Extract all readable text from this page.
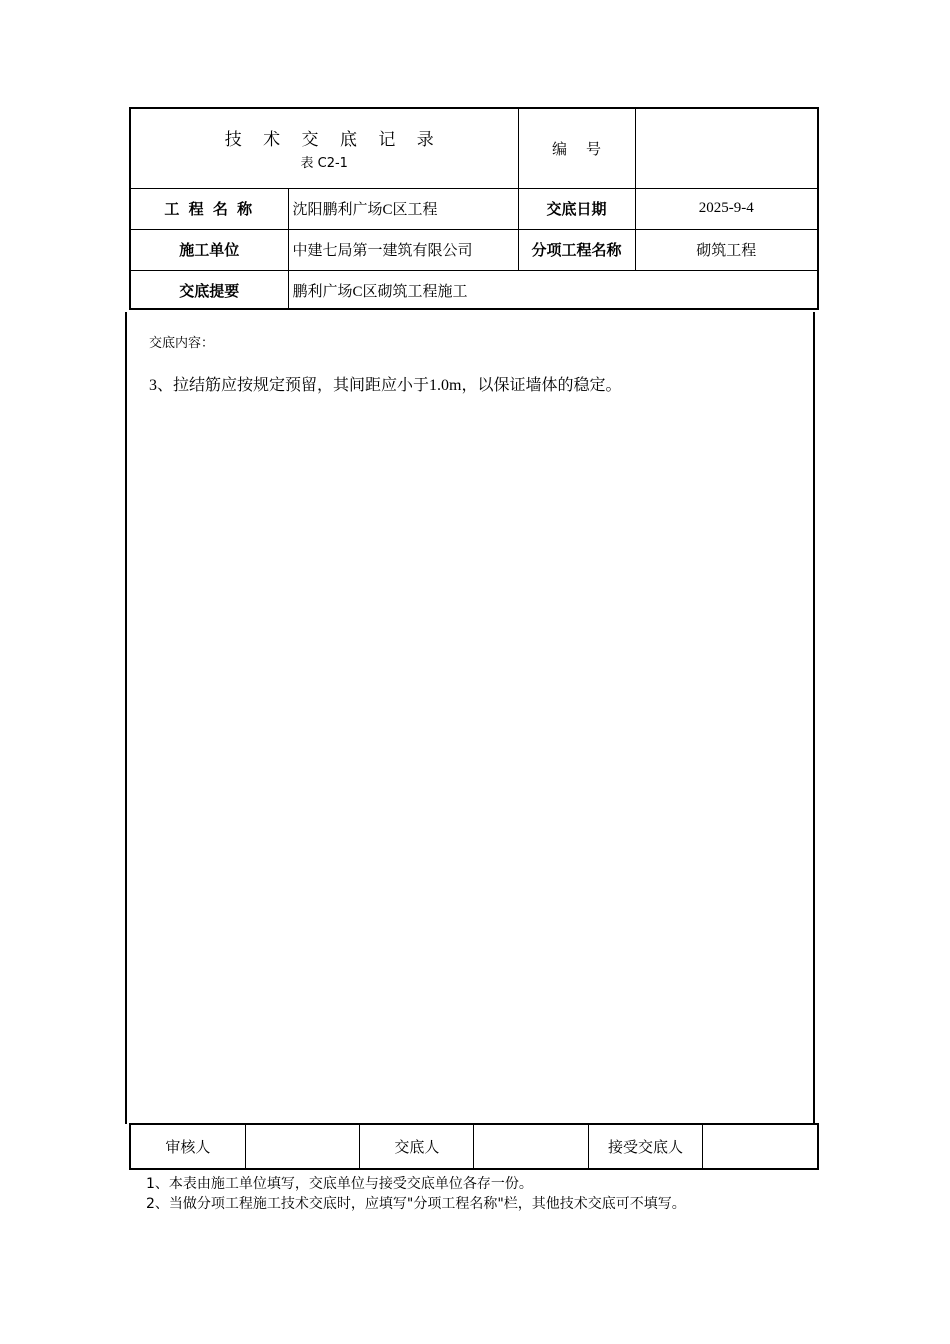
技 术 交 底 记 录
表 C2-1		编    号	
工 程 名 称	沈阳鹏利广场C区工程	交底日期	2025-9-4
施工单位	中建七局第一建筑有限公司	分项工程名称	砌筑工程
交底提要	鹏利广场C区砌筑工程施工		
交底内容：
3、拉结筋应按规定预留，其间距应小于1.0m，以保证墙体的稳定。
审核人		交底人		接受交底人	
1、本表由施工单位填写，交底单位与接受交底单位各存一份。
2、当做分项工程施工技术交底时，应填写"分项工程名称"栏，其他技术交底可不填写。
